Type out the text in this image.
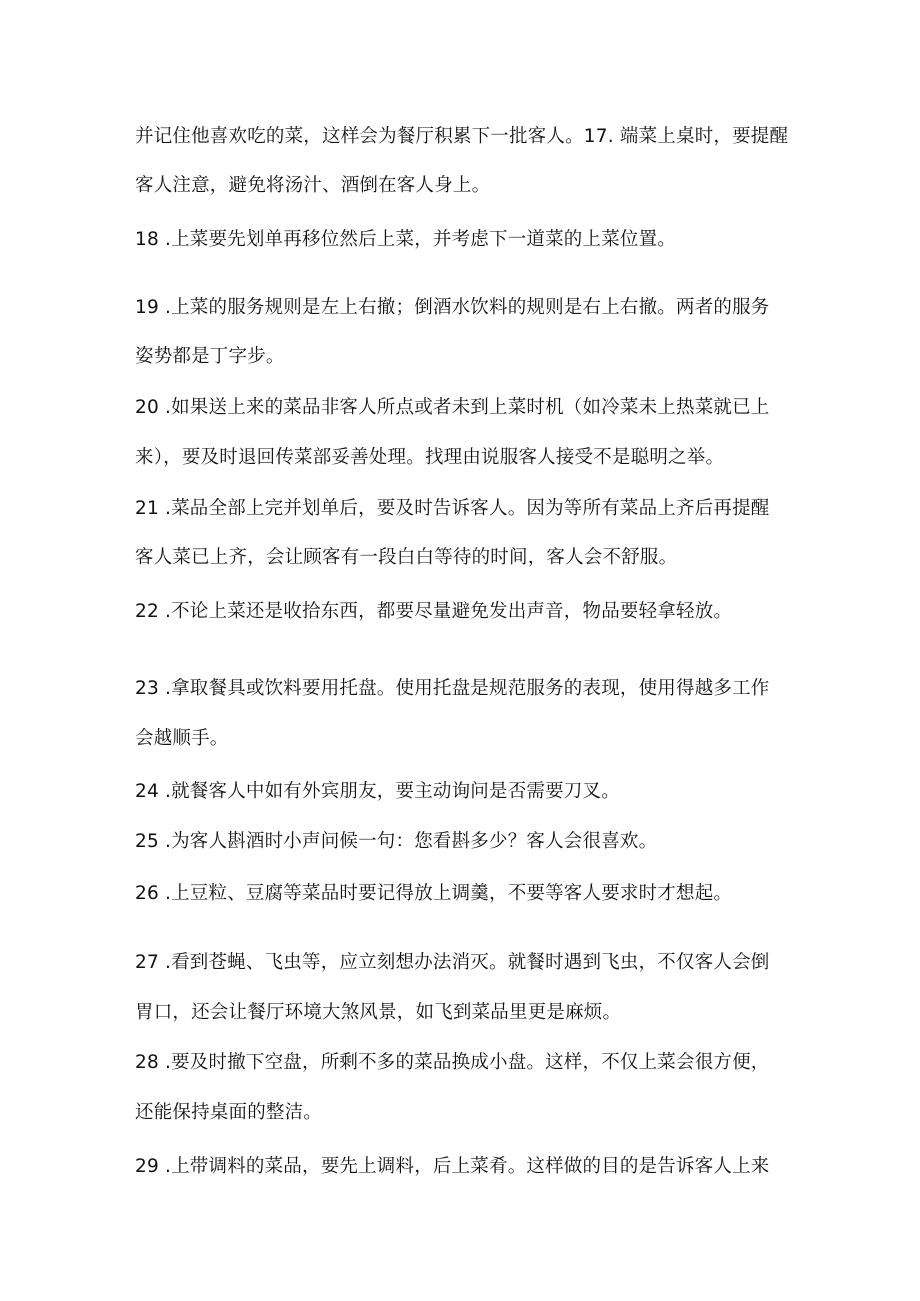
并记住他喜欢吃的菜，这样会为餐厅积累下一批客人。17. 端菜上桌时，要提醒
客人注意，避免将汤汁、酒倒在客人身上。
18 .上菜要先划单再移位然后上菜，并考虑下一道菜的上菜位置。
19 .上菜的服务规则是左上右撤；倒酒水饮料的规则是右上右撤。两者的服务
姿势都是丁字步。
20 .如果送上来的菜品非客人所点或者未到上菜时机（如冷菜未上热菜就已上
来），要及时退回传菜部妥善处理。找理由说服客人接受不是聪明之举。
21 .菜品全部上完并划单后，要及时告诉客人。因为等所有菜品上齐后再提醒
客人菜已上齐，会让顾客有一段白白等待的时间，客人会不舒服。
22 .不论上菜还是收拾东西，都要尽量避免发出声音，物品要轻拿轻放。
23 .拿取餐具或饮料要用托盘。使用托盘是规范服务的表现，使用得越多工作
会越顺手。
24 .就餐客人中如有外宾朋友，要主动询问是否需要刀叉。
25 .为客人斟酒时小声问候一句：您看斟多少？客人会很喜欢。
26 .上豆粒、豆腐等菜品时要记得放上调羹，不要等客人要求时才想起。
27 .看到苍蝇、飞虫等，应立刻想办法消灭。就餐时遇到飞虫，不仅客人会倒
胃口，还会让餐厅环境大煞风景，如飞到菜品里更是麻烦。
28 .要及时撤下空盘，所剩不多的菜品换成小盘。这样，不仅上菜会很方便，
还能保持桌面的整洁。
29 .上带调料的菜品，要先上调料，后上菜肴。这样做的目的是告诉客人上来
